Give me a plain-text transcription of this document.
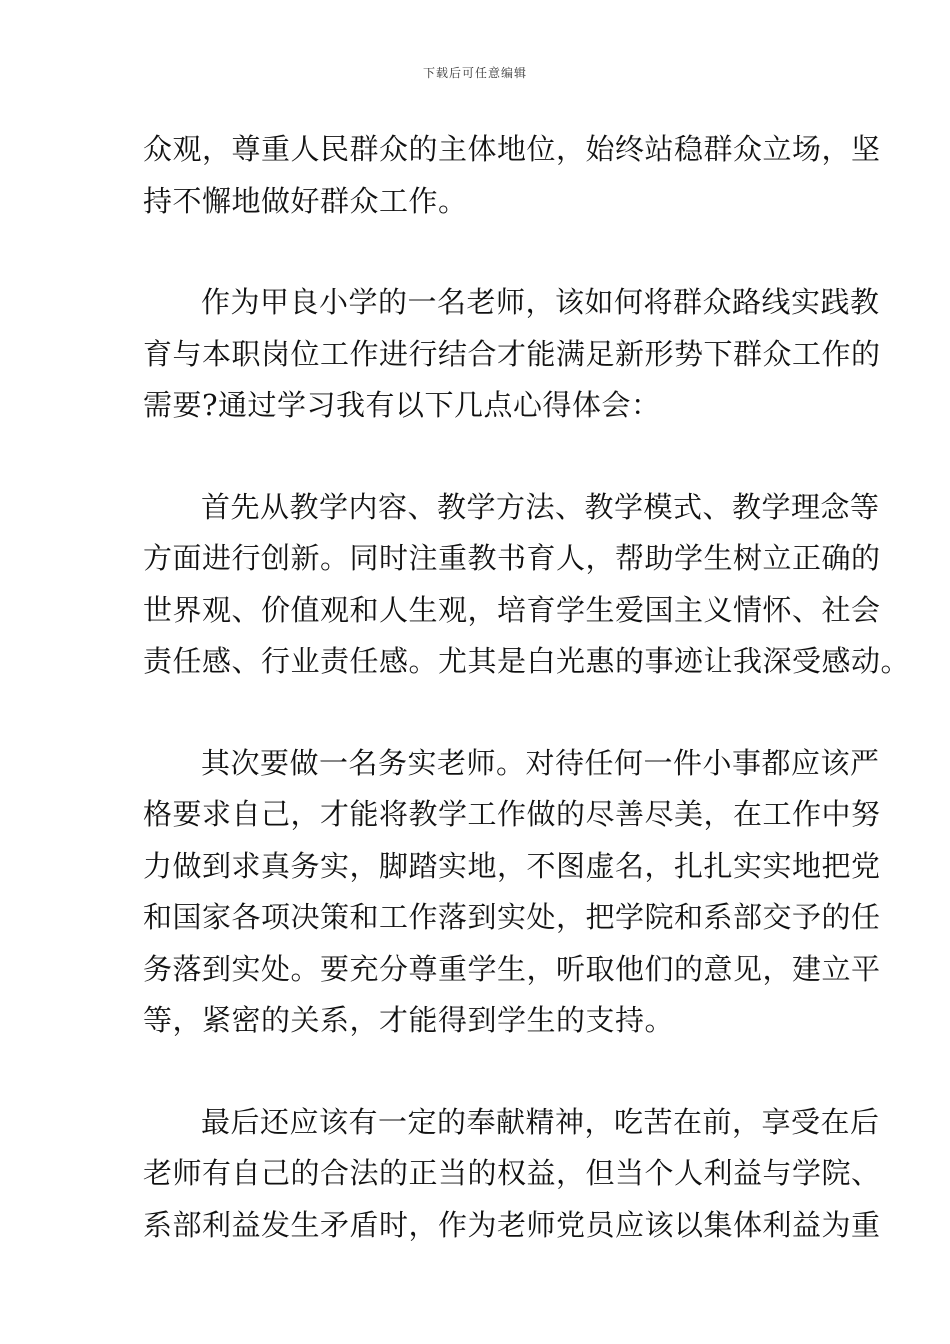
下载后可任意编辑
众观，尊重人民群众的主体地位，始终站稳群众立场，坚
持不懈地做好群众工作。
作为甲良小学的一名老师，该如何将群众路线实践教
育与本职岗位工作进行结合才能满足新形势下群众工作的
需要?通过学习我有以下几点心得体会：
首先从教学内容、教学方法、教学模式、教学理念等
方面进行创新。同时注重教书育人，帮助学生树立正确的
世界观、价值观和人生观，培育学生爱国主义情怀、社会
责任感、行业责任感。尤其是白光惠的事迹让我深受感动。
其次要做一名务实老师。对待任何一件小事都应该严
格要求自己，才能将教学工作做的尽善尽美，在工作中努
力做到求真务实，脚踏实地，不图虚名，扎扎实实地把党
和国家各项决策和工作落到实处，把学院和系部交予的任
务落到实处。要充分尊重学生，听取他们的意见，建立平
等，紧密的关系，才能得到学生的支持。
最后还应该有一定的奉献精神，吃苦在前，享受在后
老师有自己的合法的正当的权益，但当个人利益与学院、
系部利益发生矛盾时，作为老师党员应该以集体利益为重
